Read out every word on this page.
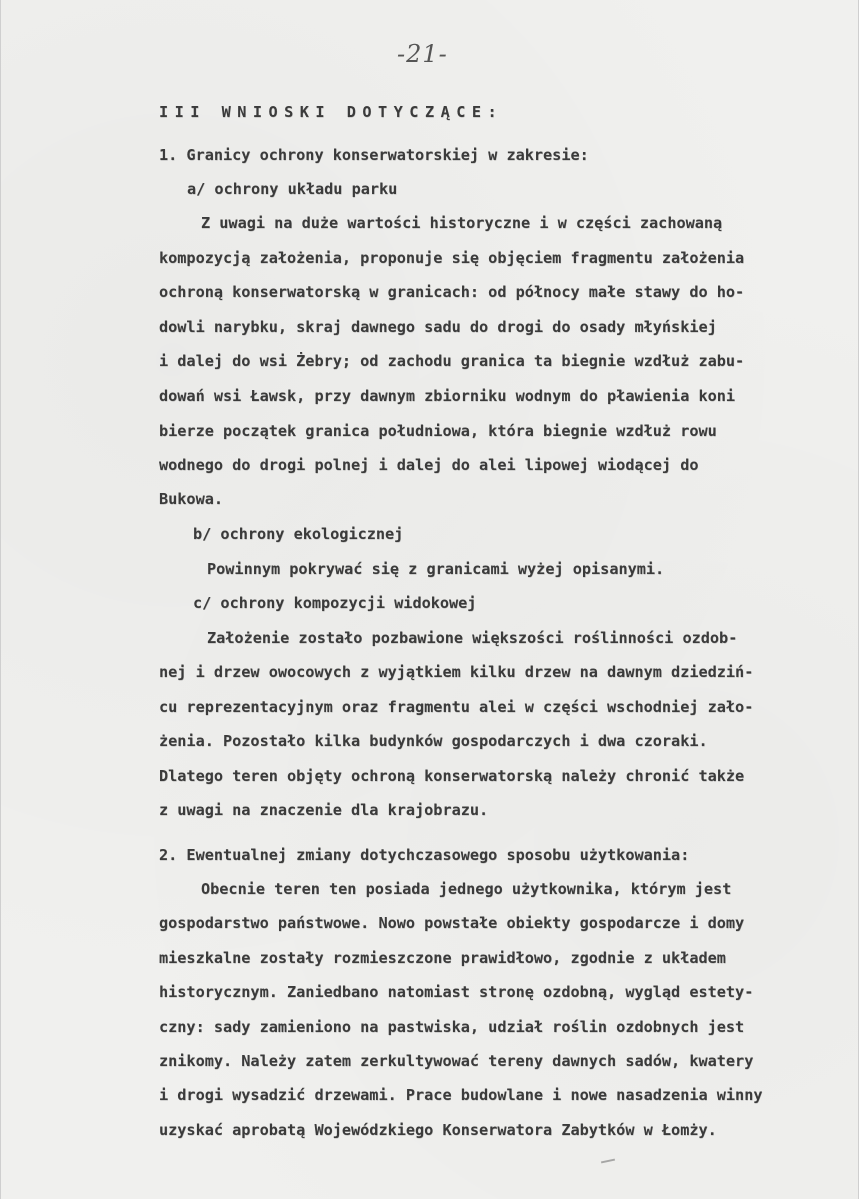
-21-
III WNIOSKI DOTYCZĄCE:
1. Granicy ochrony konserwatorskiej w zakresie:
a/ ochrony układu parku
Z uwagi na duże wartości historyczne i w części zachowaną
kompozycją założenia, proponuje się objęciem fragmentu założenia
ochroną konserwatorską w granicach: od północy małe stawy do ho-
dowli narybku, skraj dawnego sadu do drogi do osady młyńskiej
i dalej do wsi Żebry; od zachodu granica ta biegnie wzdłuż zabu-
dowań wsi Ławsk, przy dawnym zbiorniku wodnym do pławienia koni
bierze początek granica południowa, która biegnie wzdłuż rowu
wodnego do drogi polnej i dalej do alei lipowej wiodącej do
Bukowa.
b/ ochrony ekologicznej
Powinnym pokrywać się z granicami wyżej opisanymi.
c/ ochrony kompozycji widokowej
Założenie zostało pozbawione większości roślinności ozdob-
nej i drzew owocowych z wyjątkiem kilku drzew na dawnym dziedziń-
cu reprezentacyjnym oraz fragmentu alei w części wschodniej zało-
żenia. Pozostało kilka budynków gospodarczych i dwa czoraki.
Dlatego teren objęty ochroną konserwatorską należy chronić także
z uwagi na znaczenie dla krajobrazu.
2. Ewentualnej zmiany dotychczasowego sposobu użytkowania:
Obecnie teren ten posiada jednego użytkownika, którym jest
gospodarstwo państwowe. Nowo powstałe obiekty gospodarcze i domy
mieszkalne zostały rozmieszczone prawidłowo, zgodnie z układem
historycznym. Zaniedbano natomiast stronę ozdobną, wygląd estety-
czny: sady zamieniono na pastwiska, udział roślin ozdobnych jest
znikomy. Należy zatem zerkultywować tereny dawnych sadów, kwatery
i drogi wysadzić drzewami. Prace budowlane i nowe nasadzenia winny
uzyskać aprobatą Wojewódzkiego Konserwatora Zabytków w Łomży.
